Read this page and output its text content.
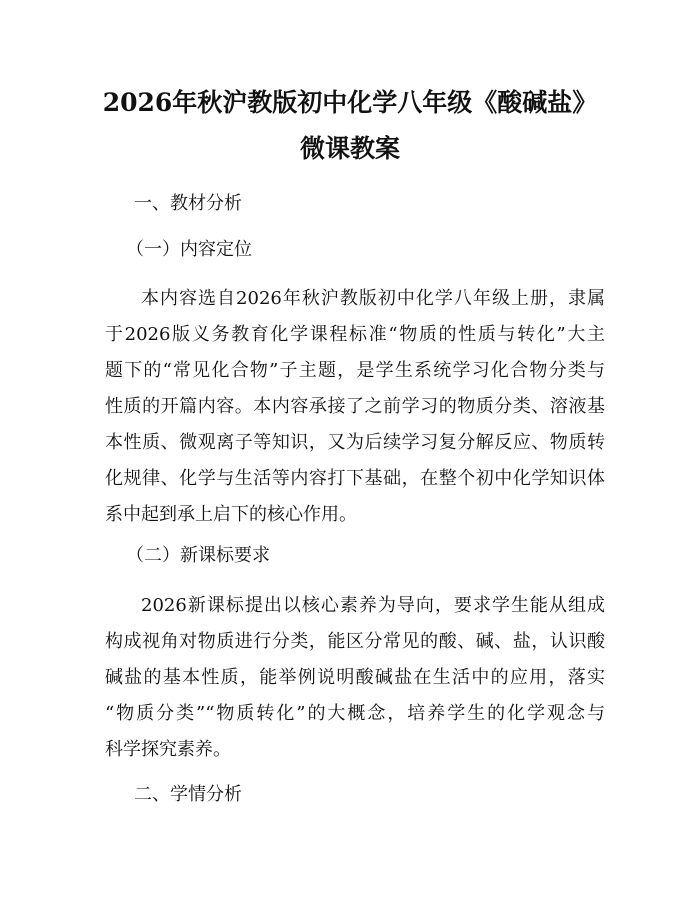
2026年秋沪教版初中化学八年级《酸碱盐》
微课教案
一、教材分析
（一）内容定位
本内容选自2026年秋沪教版初中化学八年级上册，隶属
于2026版义务教育化学课程标准“物质的性质与转化”大主
题下的“常见化合物”子主题，是学生系统学习化合物分类与
性质的开篇内容。本内容承接了之前学习的物质分类、溶液基
本性质、微观离子等知识，又为后续学习复分解反应、物质转
化规律、化学与生活等内容打下基础，在整个初中化学知识体
系中起到承上启下的核心作用。
（二）新课标要求
2026新课标提出以核心素养为导向，要求学生能从组成
构成视角对物质进行分类，能区分常见的酸、碱、盐，认识酸
碱盐的基本性质，能举例说明酸碱盐在生活中的应用，落实
“物质分类”“物质转化”的大概念，培养学生的化学观念与
科学探究素养。
二、学情分析
